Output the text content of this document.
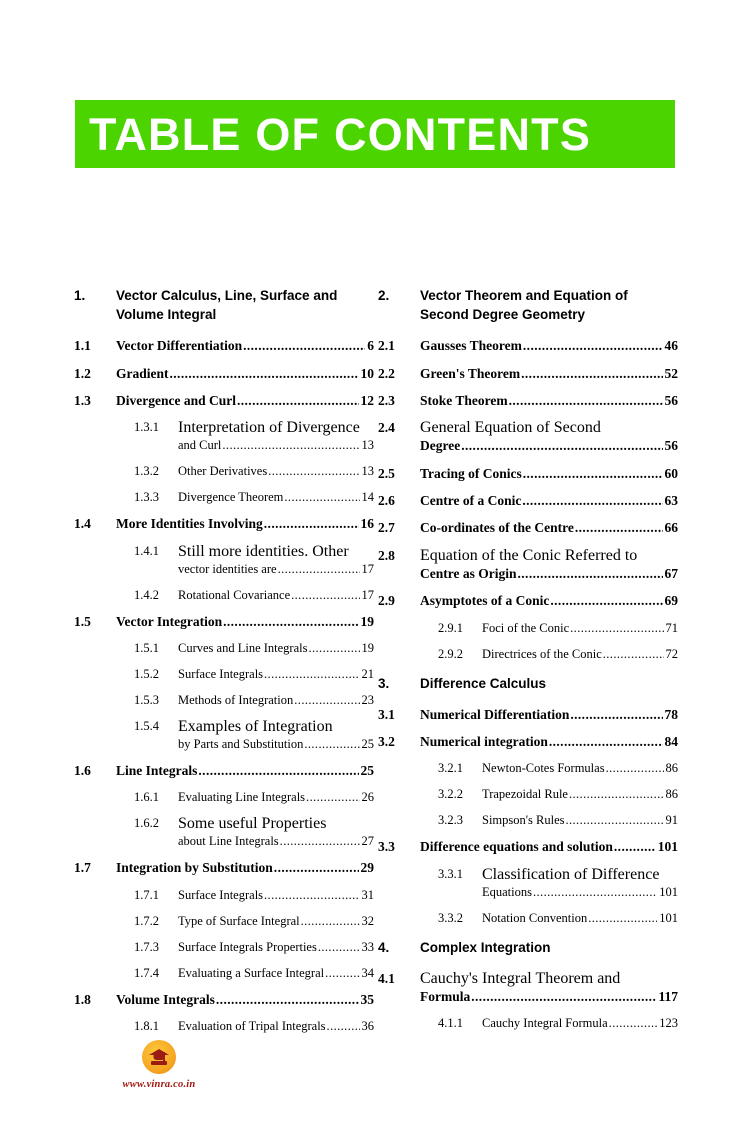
TABLE OF CONTENTS
1.	Vector Calculus, Line, Surface and Volume Integral
1.1	Vector Differentiation .....	6
1.2	Gradient .....	10
1.3	Divergence and Curl .....	12
1.3.1	Interpretation of Divergence
and Curl .....	13
1.3.2	Other Derivatives .....	13
1.3.3	Divergence Theorem .....	14
1.4	More Identities Involving .....	16
1.4.1	Still more identities. Other
vector identities are .....	17
1.4.2	Rotational Covariance .....	17
1.5	Vector Integration .....	19
1.5.1	Curves and Line Integrals .....	19
1.5.2	Surface Integrals .....	21
1.5.3	Methods of Integration .....	23
1.5.4	Examples of Integration
by Parts and Substitution .....	25
1.6	Line Integrals .....	25
1.6.1	Evaluating Line Integrals .....	26
1.6.2	Some useful Properties
about Line Integrals .....	27
1.7	Integration by Substitution .....	29
1.7.1	Surface Integrals .....	31
1.7.2	Type of Surface Integral .....	32
1.7.3	Surface Integrals Properties .....	33
1.7.4	Evaluating a Surface Integral .....	34
1.8	Volume Integrals .....	35
1.8.1	Evaluation of Tripal Integrals .....	36
2.	Vector Theorem and Equation of Second Degree Geometry
2.1	Gausses Theorem .....	46
2.2	Green's Theorem .....	52
2.3	Stoke Theorem .....	56
2.4	General Equation of Second
Degree .....	56
2.5	Tracing of Conics .....	60
2.6	Centre of a Conic .....	63
2.7	Co-ordinates of the Centre .....	66
2.8	Equation of the Conic Referred to
Centre as Origin .....	67
2.9	Asymptotes of a Conic .....	69
2.9.1	Foci of the Conic .....	71
2.9.2	Directrices of the Conic .....	72
3.	Difference Calculus
3.1	Numerical Differentiation .....	78
3.2	Numerical integration .....	84
3.2.1	Newton-Cotes Formulas .....	86
3.2.2	Trapezoidal Rule .....	86
3.2.3	Simpson's Rules .....	91
3.3	Difference equations and solution .....	101
3.3.1	Classification of Difference
Equations .....	101
3.3.2	Notation Convention .....	101
4.	Complex Integration
4.1	Cauchy's Integral Theorem and
Formula .....	117
4.1.1	Cauchy Integral Formula .....	123
www.vinra.co.in
